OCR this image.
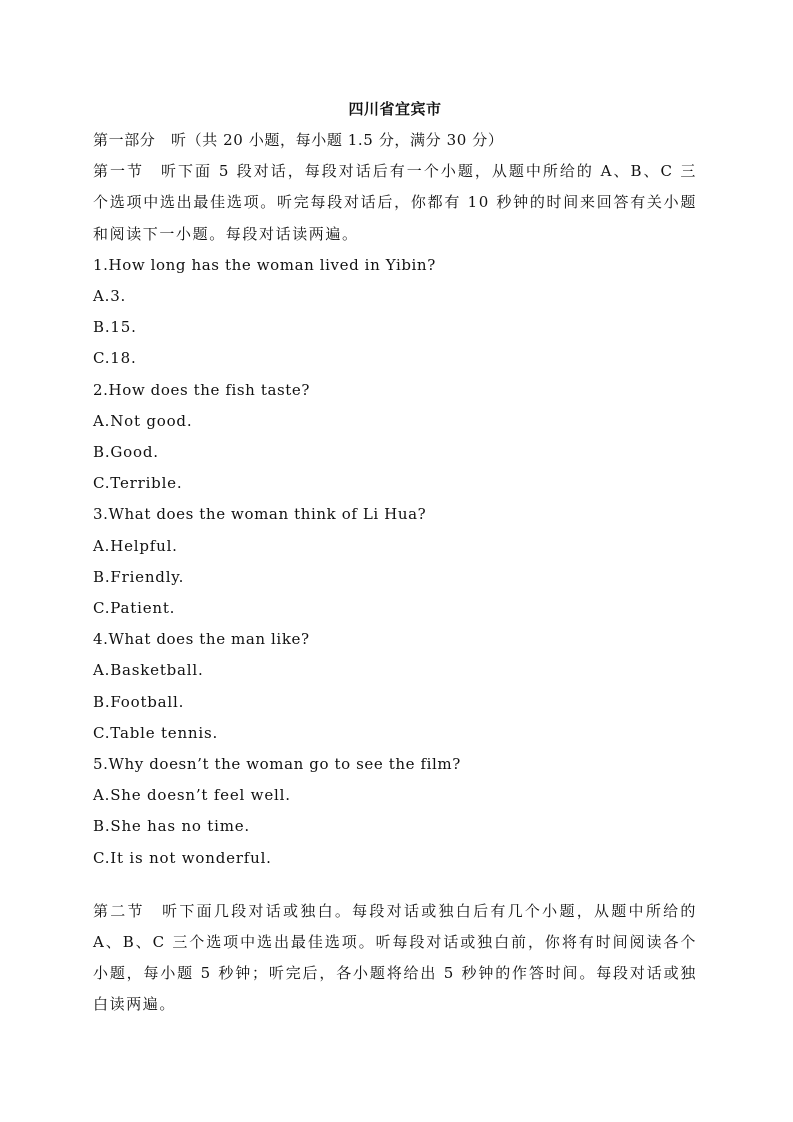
四川省宜宾市

第一部分　听（共 20 小题，每小题 1.5 分，满分 30 分）

第一节　听下面 5 段对话，每段对话后有一个小题，从题中所给的 A、B、C 三个选项中选出最佳选项。听完每段对话后，你都有 10 秒钟的时间来回答有关小题和阅读下一小题。每段对话读两遍。

1.How long has the woman lived in Yibin?

A.3.

B.15.

C.18.

2.How does the fish taste?

A.Not good.

B.Good.

C.Terrible.

3.What does the woman think of Li Hua?

A.Helpful.

B.Friendly.

C.Patient.

4.What does the man like?

A.Basketball.

B.Football.

C.Table tennis.

5.Why doesn’t the woman go to see the film?

A.She doesn’t feel well.

B.She has no time.

C.It is not wonderful.

第二节　听下面几段对话或独白。每段对话或独白后有几个小题，从题中所给的 A、B、C 三个选项中选出最佳选项。听每段对话或独白前，你将有时间阅读各个小题，每小题 5 秒钟；听完后，各小题将给出 5 秒钟的作答时间。每段对话或独白读两遍。
